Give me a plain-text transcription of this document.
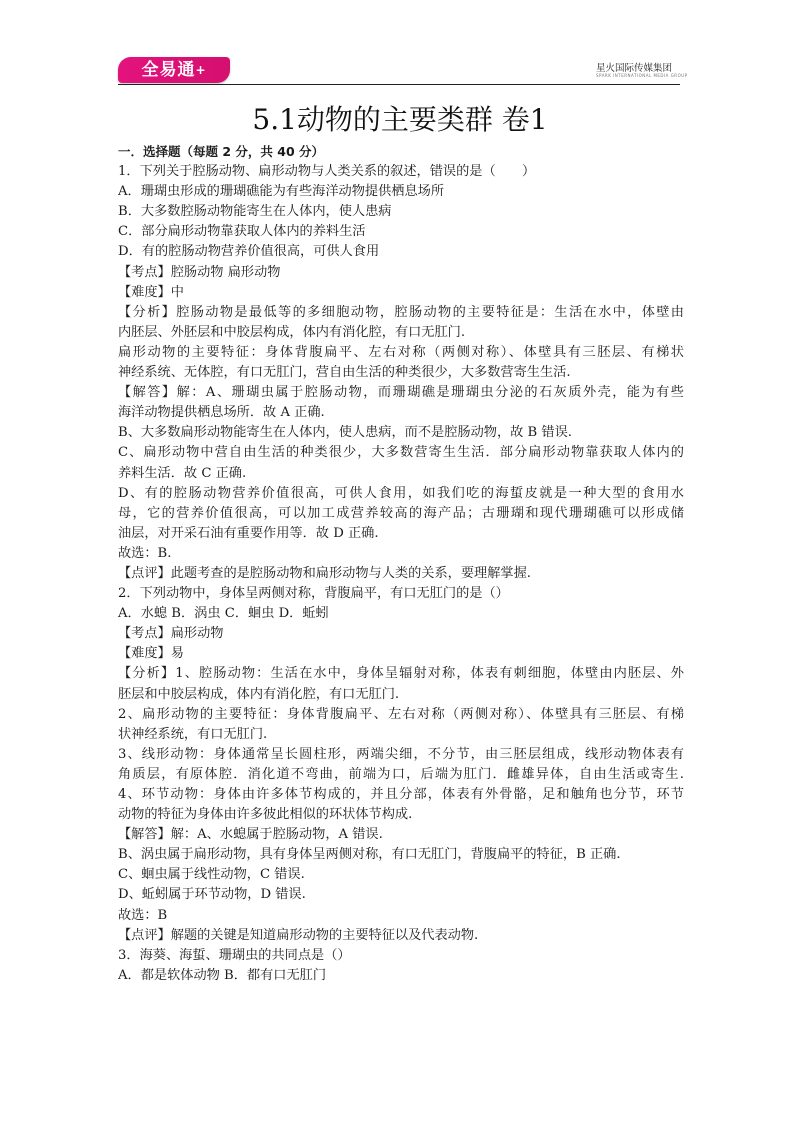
全易通+	星火国际传媒集团
SPARK INTERNATIONAL MEDIA GROUP
5.1动物的主要类群 卷1
一．选择题（每题 2 分，共 40 分）
1．下列关于腔肠动物、扁形动物与人类关系的叙述，错误的是（　　）
A．珊瑚虫形成的珊瑚礁能为有些海洋动物提供栖息场所
B．大多数腔肠动物能寄生在人体内，使人患病
C．部分扁形动物靠获取人体内的养料生活
D．有的腔肠动物营养价值很高，可供人食用
【考点】腔肠动物 扁形动物
【难度】中
【分析】腔肠动物是最低等的多细胞动物，腔肠动物的主要特征是：生活在水中，体壁由
内胚层、外胚层和中胶层构成，体内有消化腔，有口无肛门.
扁形动物的主要特征：身体背腹扁平、左右对称（两侧对称）、体壁具有三胚层、有梯状
神经系统、无体腔，有口无肛门，营自由生活的种类很少，大多数营寄生生活.
【解答】解：A、珊瑚虫属于腔肠动物，而珊瑚礁是珊瑚虫分泌的石灰质外壳，能为有些
海洋动物提供栖息场所．故 A 正确.
B、大多数扁形动物能寄生在人体内，使人患病，而不是腔肠动物，故 B 错误.
C、扁形动物中营自由生活的种类很少，大多数营寄生生活．部分扁形动物靠获取人体内的
养料生活．故 C 正确.
D、有的腔肠动物营养价值很高，可供人食用，如我们吃的海蜇皮就是一种大型的食用水
母，它的营养价值很高，可以加工成营养较高的海产品；古珊瑚和现代珊瑚礁可以形成储
油层，对开采石油有重要作用等．故 D 正确.
故选：B.
【点评】此题考查的是腔肠动物和扁形动物与人类的关系，要理解掌握.
2．下列动物中，身体呈两侧对称，背腹扁平，有口无肛门的是（）
A．水螅 B．涡虫 C．蛔虫 D．蚯蚓
【考点】扁形动物
【难度】易
【分析】1、腔肠动物：生活在水中，身体呈辐射对称，体表有刺细胞，体壁由内胚层、外
胚层和中胶层构成，体内有消化腔，有口无肛门.
2、扁形动物的主要特征：身体背腹扁平、左右对称（两侧对称）、体壁具有三胚层、有梯
状神经系统，有口无肛门.
3、线形动物：身体通常呈长圆柱形，两端尖细，不分节，由三胚层组成，线形动物体表有
角质层，有原体腔．消化道不弯曲，前端为口，后端为肛门．雌雄异体，自由生活或寄生.
4、环节动物：身体由许多体节构成的，并且分部，体表有外骨骼，足和触角也分节，环节
动物的特征为身体由许多彼此相似的环状体节构成.
【解答】解：A、水螅属于腔肠动物，A 错误.
B、涡虫属于扁形动物，具有身体呈两侧对称，有口无肛门，背腹扁平的特征，B 正确.
C、蛔虫属于线性动物，C 错误.
D、蚯蚓属于环节动物，D 错误.
故选：B
【点评】解题的关键是知道扁形动物的主要特征以及代表动物.
3．海葵、海蜇、珊瑚虫的共同点是（）
A．都是软体动物 B．都有口无肛门
